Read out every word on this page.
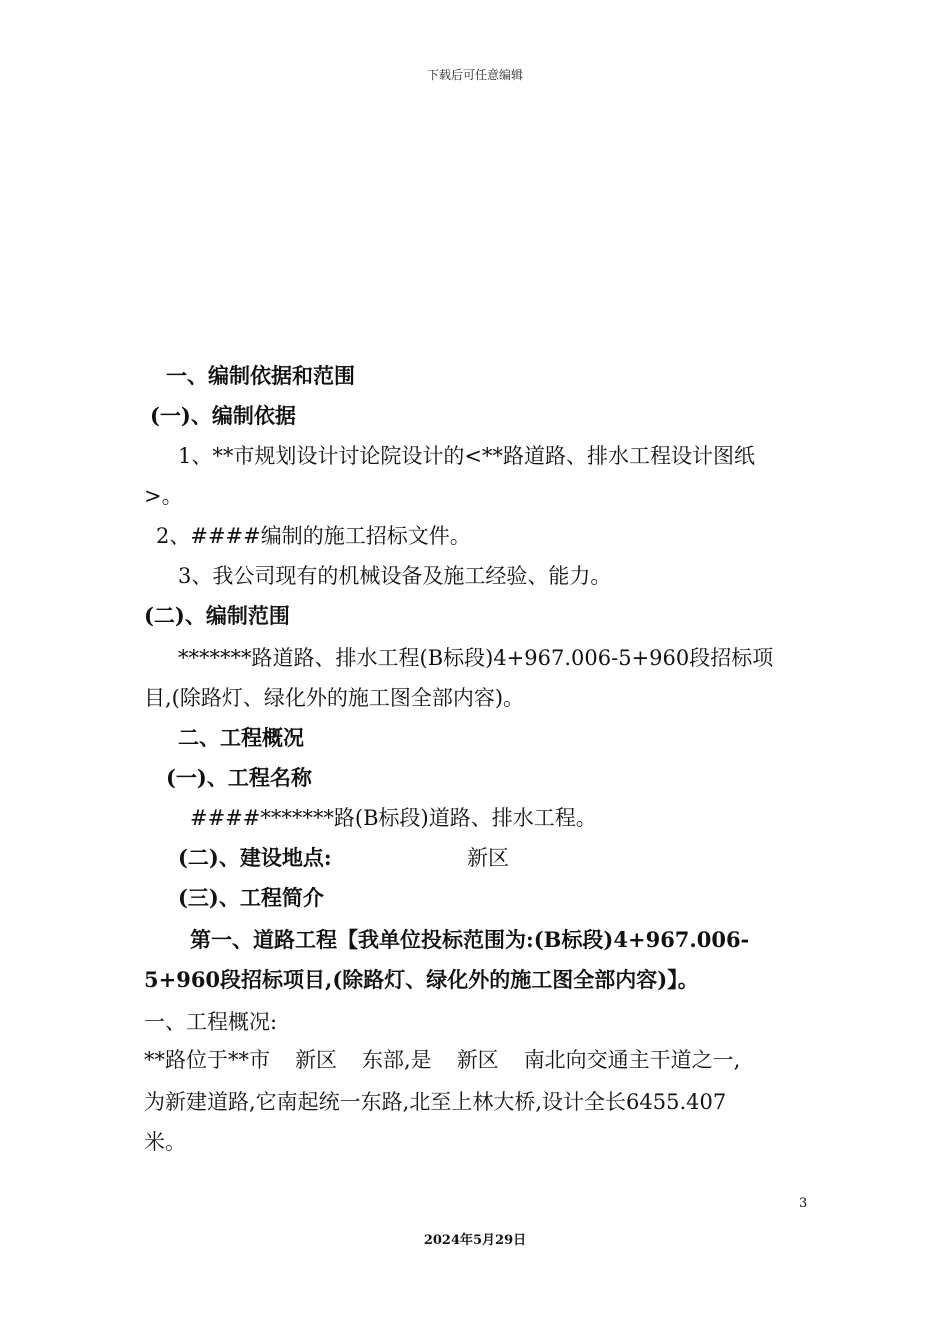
下载后可任意编辑
一、编制依据和范围
(一)、编制依据
1、**市规划设计讨论院设计的<**路道路、排水工程设计图纸
>。
2、####编制的施工招标文件。
3、我公司现有的机械设备及施工经验、能力。
(二)、编制范围
*******路道路、排水工程(B标段)4+967.006-5+960段招标项
目,(除路灯、绿化外的施工图全部内容)。
二、工程概况
(一)、工程名称
####*******路(B标段)道路、排水工程。
(二)、建设地点:	新区
(三)、工程简介
第一、道路工程【我单位投标范围为:(B标段)4+967.006-
5+960段招标项目,(除路灯、绿化外的施工图全部内容)】。
一、工程概况:
**路位于**市 新区 东部,是 新区 南北向交通主干道之一,
为新建道路,它南起统一东路,北至上林大桥,设计全长6455.407
米。
3
2024年5月29日
